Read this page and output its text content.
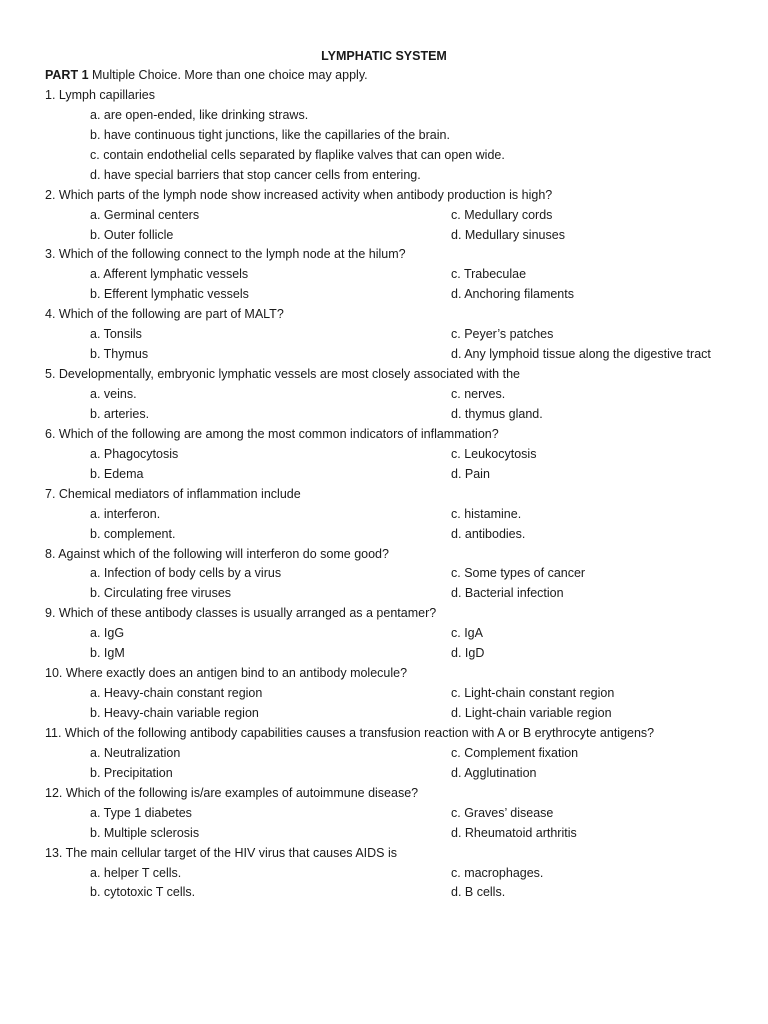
LYMPHATIC SYSTEM
PART 1 Multiple Choice. More than one choice may apply.
1. Lymph capillaries
a. are open-ended, like drinking straws.
b. have continuous tight junctions, like the capillaries of the brain.
c. contain endothelial cells separated by flaplike valves that can open wide.
d. have special barriers that stop cancer cells from entering.
2. Which parts of the lymph node show increased activity when antibody production is high?
a. Germinal centers	c. Medullary cords
b. Outer follicle	d. Medullary sinuses
3. Which of the following connect to the lymph node at the hilum?
a. Afferent lymphatic vessels	c. Trabeculae
b. Efferent lymphatic vessels	d. Anchoring filaments
4. Which of the following are part of MALT?
a. Tonsils	c. Peyer’s patches
b. Thymus	d. Any lymphoid tissue along the digestive tract
5. Developmentally, embryonic lymphatic vessels are most closely associated with the
a. veins.	c. nerves.
b. arteries.	d. thymus gland.
6. Which of the following are among the most common indicators of inflammation?
a. Phagocytosis	c. Leukocytosis
b. Edema	d. Pain
7. Chemical mediators of inflammation include
a. interferon.	c. histamine.
b. complement.	d. antibodies.
8. Against which of the following will interferon do some good?
a. Infection of body cells by a virus	c. Some types of cancer
b. Circulating free viruses	d. Bacterial infection
9. Which of these antibody classes is usually arranged as a pentamer?
a. IgG	c. IgA
b. IgM	d. IgD
10. Where exactly does an antigen bind to an antibody molecule?
a. Heavy-chain constant region	c. Light-chain constant region
b. Heavy-chain variable region	d. Light-chain variable region
11. Which of the following antibody capabilities causes a transfusion reaction with A or B erythrocyte antigens?
a. Neutralization	c. Complement fixation
b. Precipitation	d. Agglutination
12. Which of the following is/are examples of autoimmune disease?
a. Type 1 diabetes	c. Graves’ disease
b. Multiple sclerosis	d. Rheumatoid arthritis
13. The main cellular target of the HIV virus that causes AIDS is
a. helper T cells.	c. macrophages.
b. cytotoxic T cells.	d. B cells.
